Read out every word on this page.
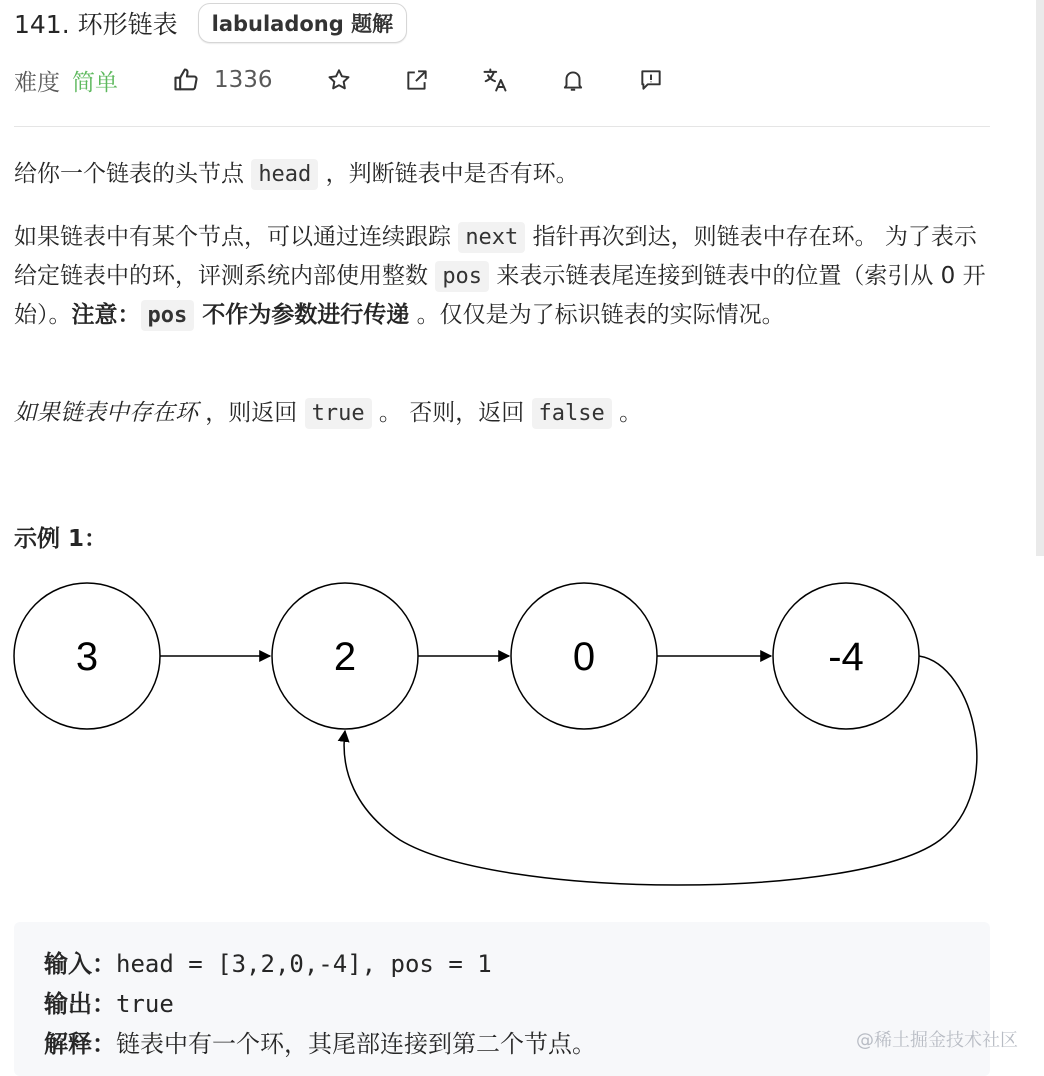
141. 环形链表	labuladong 题解
难度 简单	1336

给你一个链表的头节点 head ，判断链表中是否有环。

如果链表中有某个节点，可以通过连续跟踪 next 指针再次到达，则链表中存在环。 为了表示给定链表中的环，评测系统内部使用整数 pos 来表示链表尾连接到链表中的位置（索引从 0 开始）。注意： pos 不作为参数进行传递 。仅仅是为了标识链表的实际情况。

如果链表中存在环 ，则返回 true 。 否则，返回 false 。

示例 1：

3	2	0	-4
输入：head = [3,2,0,-4], pos = 1
输出：true
解释：链表中有一个环，其尾部连接到第二个节点。	@稀土掘金技术社区
